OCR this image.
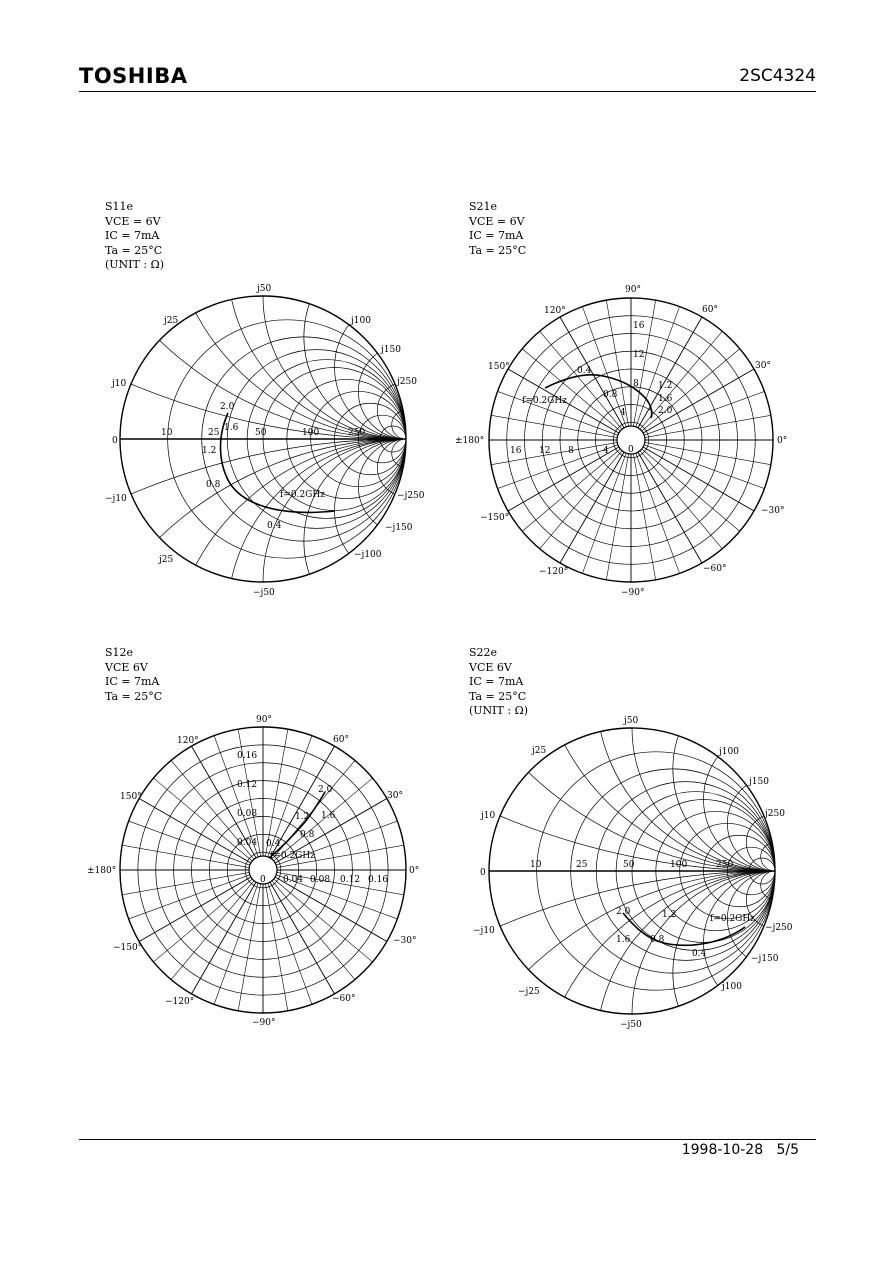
TOSHIBA	2SC4324
S11e
VCE = 6V
IC = 7mA
Ta = 25°C
(UNIT : Ω)
S21e
VCE = 6V
IC = 7mA
Ta = 25°C
S12e
VCE 6V
IC = 7mA
Ta = 25°C
S22e
VCE 6V
IC = 7mA
Ta = 25°C
(UNIT : Ω)
j50
j25	j100
j150
j250
j10
0
−j10	−j250
−j150
−j100
j25
−j50
10	25	50	100	250
2.0
1.6
1.2
0.8
0.4
f=0.2GHz
90°
60°
30°
0°
−30°
−60°
−90°
−120°
−150°
±180°
150°
120°
4
8
12
16	0
16
12
8
4
0.4
0.8
1.2
1.6
2.0
f=0.2GHz
90°
60°
30°
0°
−30°
−60°
−90°
−120°
−150°
±180°
150°
120°
0.04 0.08 0.12 0.16
0
0.16
0.12
0.08
0.04
2.0
1.6
1.2
0.8
0.4
f=0.2GHz
j50
j25	j100
j150
j250
j10
0
−j10	−j250
−j150
j100
−j25
−j50
10	25	50	100	250
2.0
1.6
1.2
0.8
0.4
f=0.2GHz
1998-10-28 5/5
